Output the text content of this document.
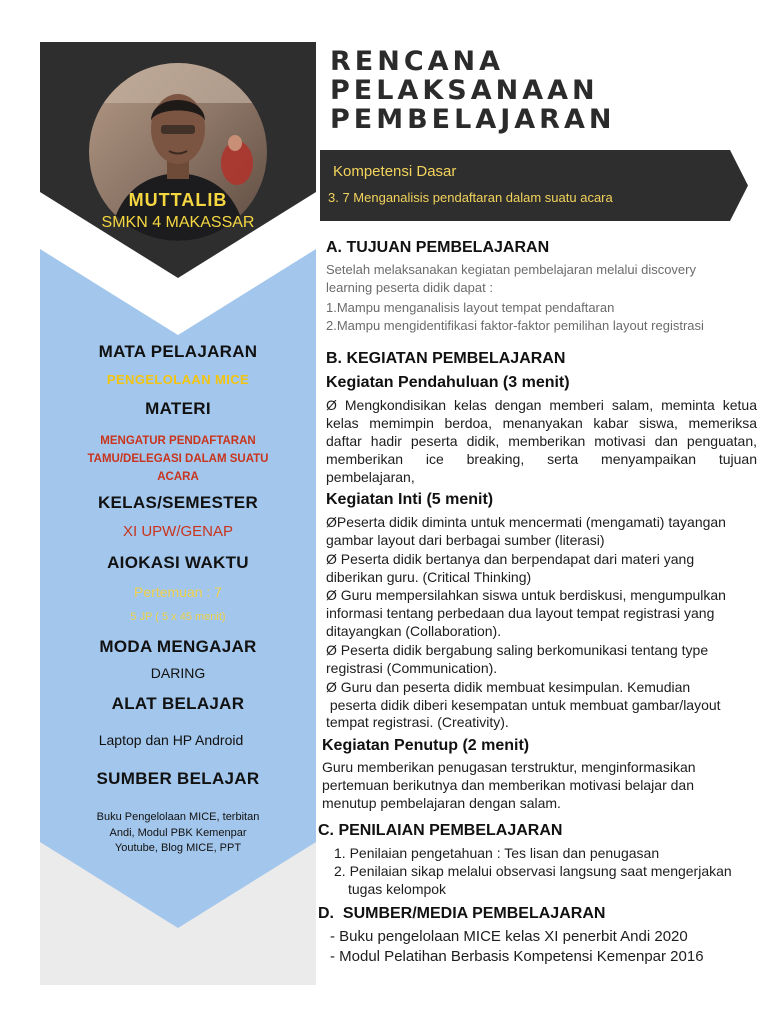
MUTTALIB
SMKN 4 MAKASSAR
MATA PELAJARAN
PENGELOLAAN MICE
MATERI
MENGATUR PENDAFTARAN
TAMU/DELEGASI DALAM SUATU
ACARA
KELAS/SEMESTER
XI UPW/GENAP
AIOKASI WAKTU
Pertemuan : 7
5 JP ( 5 x 45 menit)
MODA MENGAJAR
DARING
ALAT BELAJAR
Laptop dan HP Android
SUMBER BELAJAR
Buku Pengelolaan MICE, terbitan
Andi, Modul PBK Kemenpar
Youtube, Blog MICE, PPT
RENCANA
PELAKSANAAN
PEMBELAJARAN
Kompetensi Dasar
3. 7 Menganalisis pendaftaran dalam suatu acara
A. TUJUAN PEMBELAJARAN
Setelah melaksanakan kegiatan pembelajaran melalui discovery
learning peserta didik dapat :
1.Mampu menganalisis layout tempat pendaftaran
2.Mampu mengidentifikasi faktor-faktor pemilihan layout registrasi
B. KEGIATAN PEMBELAJARAN
Kegiatan Pendahuluan (3 menit)
Ø Mengkondisikan kelas dengan memberi salam, meminta ketua
kelas memimpin berdoa, menanyakan kabar siswa, memeriksa
daftar hadir peserta didik, memberikan motivasi dan penguatan,
memberikan ice breaking, serta menyampaikan tujuan
pembelajaran,
Kegiatan Inti (5 menit)
ØPeserta didik diminta untuk mencermati (mengamati) tayangan
gambar layout dari berbagai sumber (literasi)
Ø Peserta didik bertanya dan berpendapat dari materi yang
diberikan guru. (Critical Thinking)
Ø Guru mempersilahkan siswa untuk berdiskusi, mengumpulkan
informasi tentang perbedaan dua layout tempat registrasi yang
ditayangkan (Collaboration).
Ø Peserta didik bergabung saling berkomunikasi tentang type
registrasi (Communication).
Ø Guru dan peserta didik membuat kesimpulan. Kemudian
peserta didik diberi kesempatan untuk membuat gambar/layout
tempat registrasi. (Creativity).
Kegiatan Penutup (2 menit)
Guru memberikan penugasan terstruktur, menginformasikan
pertemuan berikutnya dan memberikan motivasi belajar dan
menutup pembelajaran dengan salam.
C. PENILAIAN PEMBELAJARAN
1. Penilaian pengetahuan : Tes lisan dan penugasan
2. Penilaian sikap melalui observasi langsung saat mengerjakan
tugas kelompok
D.  SUMBER/MEDIA PEMBELAJARAN
- Buku pengelolaan MICE kelas XI penerbit Andi 2020
- Modul Pelatihan Berbasis Kompetensi Kemenpar 2016
